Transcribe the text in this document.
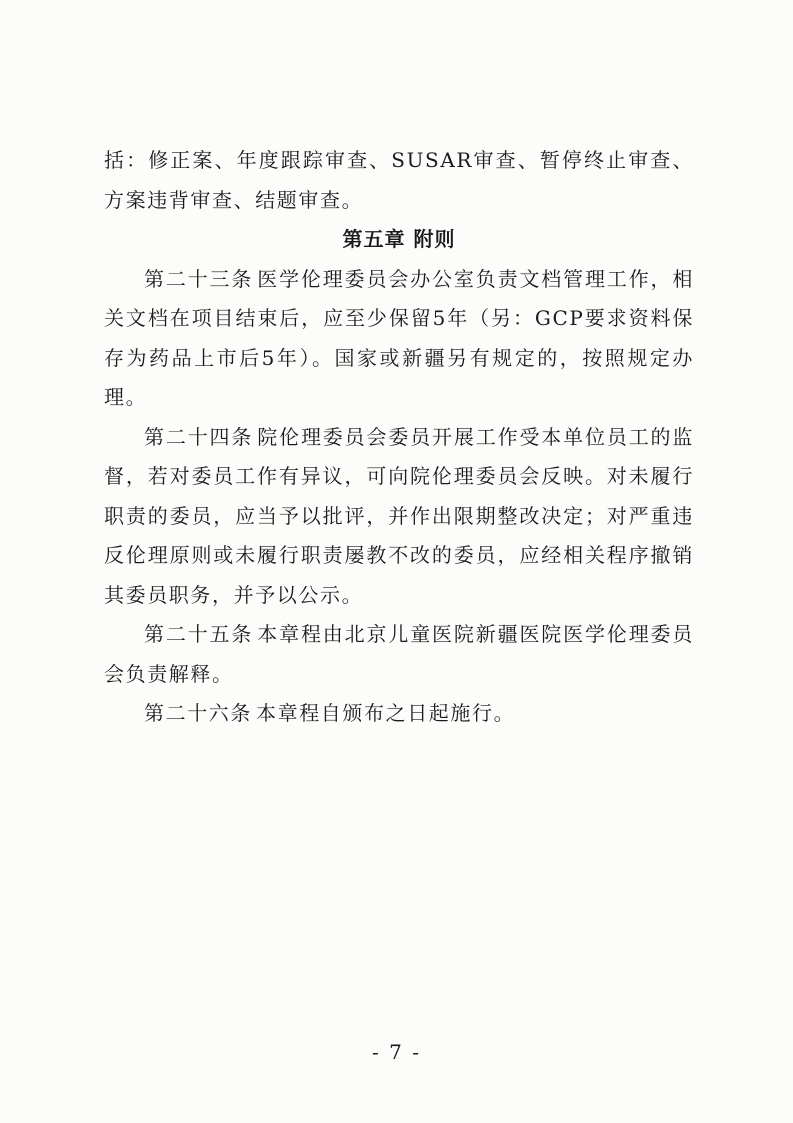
括：修正案、年度跟踪审查、SUSAR审查、暂停终止审查、方案违背审查、结题审查。

第五章 附则

第二十三条 医学伦理委员会办公室负责文档管理工作，相关文档在项目结束后，应至少保留5年（另：GCP要求资料保存为药品上市后5年）。国家或新疆另有规定的，按照规定办理。

第二十四条 院伦理委员会委员开展工作受本单位员工的监督，若对委员工作有异议，可向院伦理委员会反映。对未履行职责的委员，应当予以批评，并作出限期整改决定；对严重违反伦理原则或未履行职责屡教不改的委员，应经相关程序撤销其委员职务，并予以公示。

第二十五条 本章程由北京儿童医院新疆医院医学伦理委员会负责解释。

第二十六条 本章程自颁布之日起施行。

- 7 -
